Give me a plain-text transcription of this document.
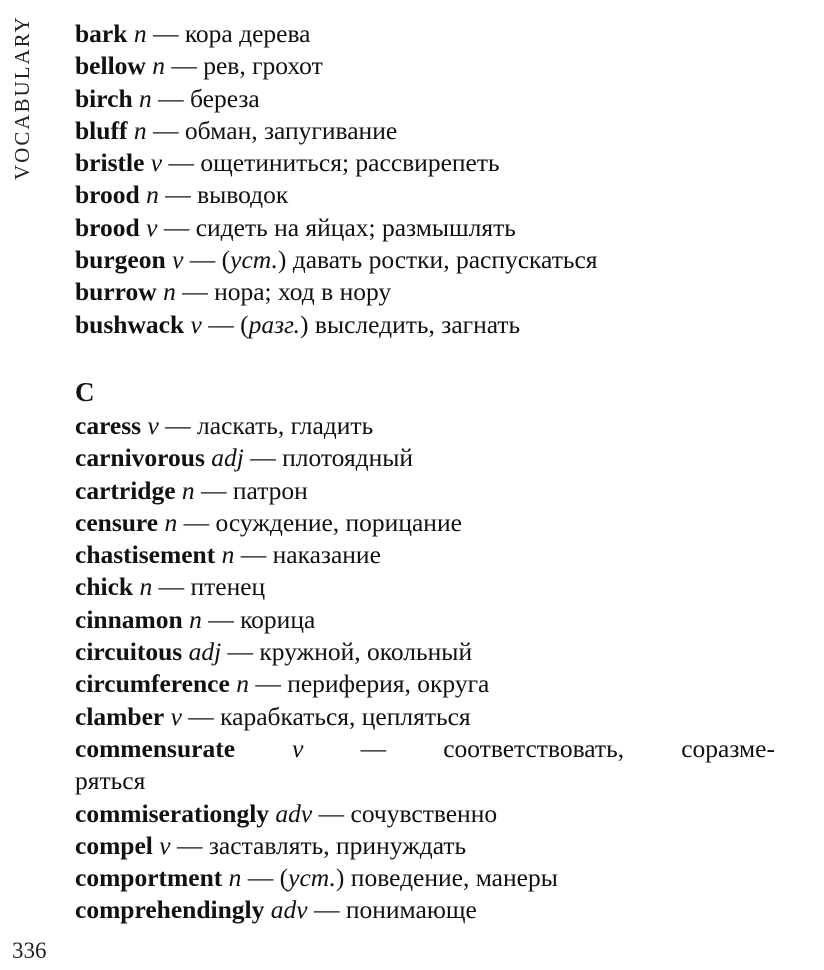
VOCABULARY bark n — кора дерева
bellow n — рев, грохот
birch n — береза
bluff n — обман, запугивание
bristle v — ощетиниться; рассвирепеть
brood n — выводок
brood v — сидеть на яйцах; размышлять
burgeon v — (уст.) давать ростки, распускаться
burrow n — нора; ход в нору
bushwack v — (разг.) выследить, загнать
C
caress v — ласкать, гладить
carnivorous adj — плотоядный
cartridge n — патрон
censure n — осуждение, порицание
chastisement n — наказание
chick n — птенец
cinnamon n — корица
circuitous adj — кружной, окольный
circumference n — периферия, округа
clamber v — карабкаться, цепляться
commensurate v — соответствовать, соразме-
ряться
commiserationgly adv — сочувственно
compel v — заставлять, принуждать
comportment n — (уст.) поведение, манеры
comprehendingly adv — понимающе
336
